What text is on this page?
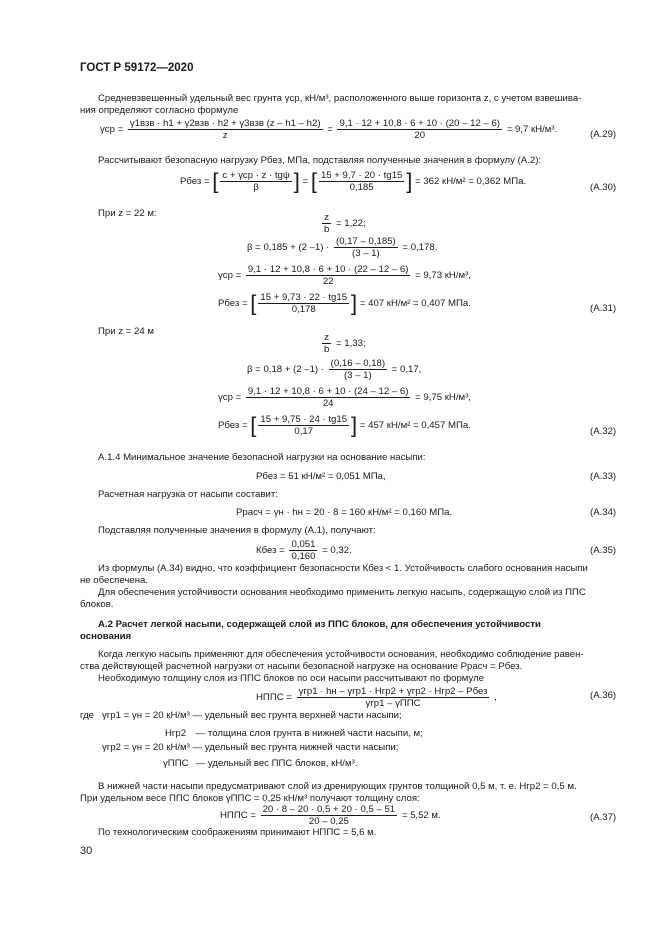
ГОСТ Р 59172—2020
Средневзвешенный удельный вес грунта γср, кН/м³, расположенного выше горизонта z, с учетом взвешива-
ния определяют согласно формуле
$\gamma ср = \frac{\text{γ1взв · h1 + γ2взв · h2 + γ3взв (z – h1 – h2)}}{z} = \frac{9,1 \cdot 12 + 10,8 \cdot 6 + 10 \cdot (20 - 12 - 6)}{20} = 9,7$ кН/м³.	(А.29)
Рассчитывают безопасную нагрузку Рбез, МПа, подставляя полученные значения в формулу (А.2):
Рбез = [ $\frac{\text{c + γср · z · tgψ}}{\beta}$ ] = [ $\frac{15 + 9,7 \cdot 20 \cdot tg15}{0,185}$ ] = 362 кН/м² = 0,362 МПа.
(А.30)
При z = 22 м:	$\frac{z}{b} = 1,22$;
β = 0,185 + (2 $-1) \cdot \frac{(0,17 - 0,185)}{(3 - 1)} = 0,178$.
$\gamma ср = \frac{9,1 \cdot 12 + 10,8 \cdot 6 + 10 \cdot (22 - 12 - 6)}{22} = 9,73$ кН/м³,
Рбез = [ $\frac{15 + 9,73 \cdot 22 \cdot tg15}{0,178}$ ] = 407 кН/м² = 0,407 МПа.	(А.31)
При z = 24 м
$\frac{z}{b} = 1,33$;
β = 0,18 + (2 $-1) \cdot \frac{(0,16 - 0,18)}{(3 - 1)} = 0,17$,
$\gamma ср = \frac{9,1 \cdot 12 + 10,8 \cdot 6 + 10 \cdot (24 - 12 - 6)}{24} = 9,75$ кН/м³,
Рбез = [ $\frac{15 + 9,75 \cdot 24 \cdot tg15}{0,17}$ ] = 457 кН/м² = 0,457 МПа.
(А.32)
А.1.4 Минимальное значение безопасной нагрузки на основание насыпи:
Рбез = 51 кН/м² = 0,051 МПа,	(А.33)
Расчетная нагрузка от насыпи составит:
Ррасч = γн · hн = 20 · 8 = 160 кН/м² = 0,160 МПа.	(А.34)
Подставляя полученные значения в формулу (А.1), получают:
Кбез = $\frac{0,051}{0,160} = 0,32$.	(А.35)
Из формулы (А.34) видно, что коэффициент безопасности Кбез < 1. Устойчивость слабого основания насыпи
не обеспечена.
Для обеспечения устойчивости основания необходимо применить легкую насыпь, содержащую слой из ППС
блоков.
А.2 Расчет легкой насыпи, содержащей слой из ППС блоков, для обеспечения устойчивости
основания
Когда легкую насыпь применяют для обеспечения устойчивости основания, необходимо соблюдение равен-
ства действующей расчетной нагрузки от насыпи безопасной нагрузке на основание Ррасч = Рбез.
Необходимую толщину слоя из ППС блоков по оси насыпи рассчитывают по формуле
НППС = $\frac{\text{γгр1 · hн – γгр1 · Нгр2 + γгр2 · Нгр2 – Рбез}}{\text{γгр1 – γППС}}$ ,	(А.36)
где γгр1 = γн = 20 кН/м³ — удельный вес грунта верхней части насыпи;
Нгр2 — толщина слоя грунта в нижней части насыпи, м;
γгр2 = γн = 20 кН/м³ — удельный вес грунта нижней части насыпи;
γППС — удельный вес ППС блоков, кН/м³.
В нижней части насыпи предусматривают слой из дренирующих грунтов толщиной 0,5 м, т. е. Нгр2 = 0,5 м.
При удельном весе ППС блоков γППС = 0,25 кН/м³ получают толщину слоя:
НППС = $\frac{20 \cdot 8 - 20 \cdot 0,5 + 20 \cdot 0,5 - 51}{20 - 0,25} = 5,52$ м.	(А.37)
По технологическим соображениям принимают НППС = 5,6 м.
30
